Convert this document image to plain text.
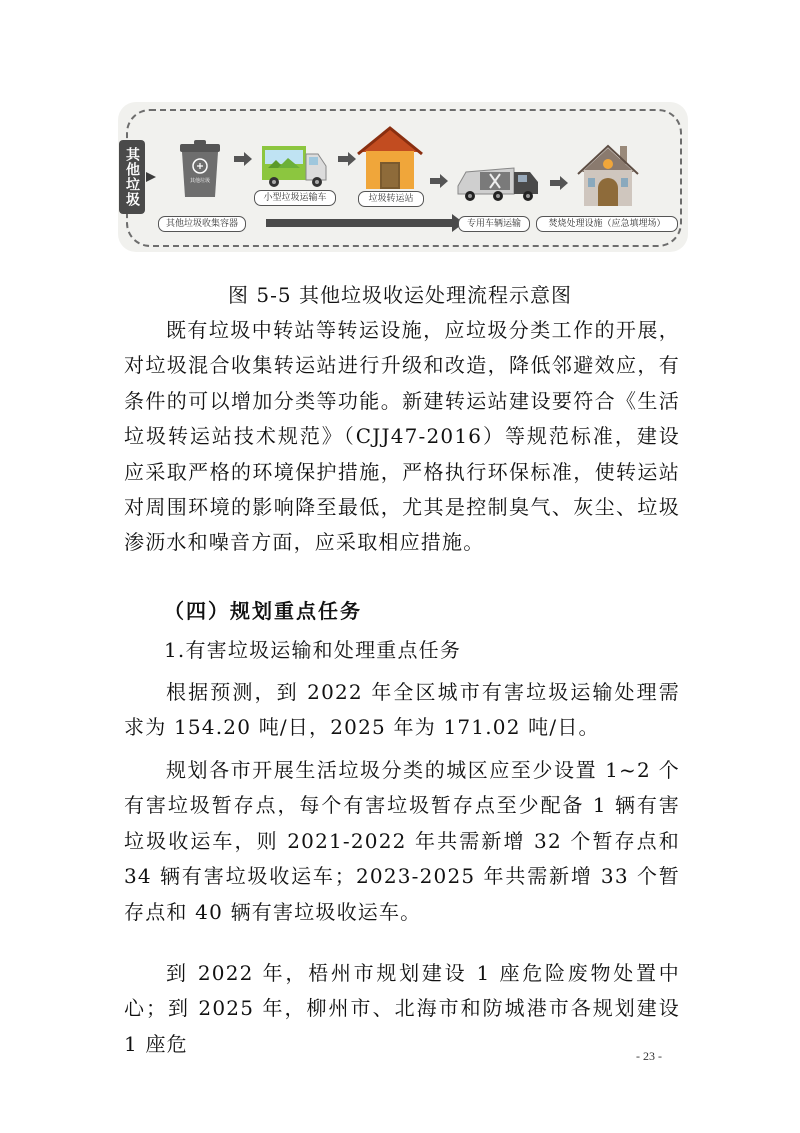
其他垃圾	其他垃圾
其他垃圾收集容器
小型垃圾运输车	垃圾转运站
专用车辆运输	焚烧处理设施（应急填埋场）
图 5-5 其他垃圾收运处理流程示意图

既有垃圾中转站等转运设施，应垃圾分类工作的开展，对垃圾混合收集转运站进行升级和改造，降低邻避效应，有条件的可以增加分类等功能。新建转运站建设要符合《生活垃圾转运站技术规范》（CJJ47-2016）等规范标准，建设应采取严格的环境保护措施，严格执行环保标准，使转运站对周围环境的影响降至最低，尤其是控制臭气、灰尘、垃圾渗沥水和噪音方面，应采取相应措施。

（四）规划重点任务

1.有害垃圾运输和处理重点任务

根据预测，到 2022 年全区城市有害垃圾运输处理需求为 154.20 吨/日，2025 年为 171.02 吨/日。

规划各市开展生活垃圾分类的城区应至少设置 1~2 个有害垃圾暂存点，每个有害垃圾暂存点至少配备 1 辆有害垃圾收运车，则 2021-2022 年共需新增 32 个暂存点和 34 辆有害垃圾收运车；2023-2025 年共需新增 33 个暂存点和 40 辆有害垃圾收运车。

到 2022 年，梧州市规划建设 1 座危险废物处置中心；到 2025 年，柳州市、北海市和防城港市各规划建设 1 座危

- 23 -
